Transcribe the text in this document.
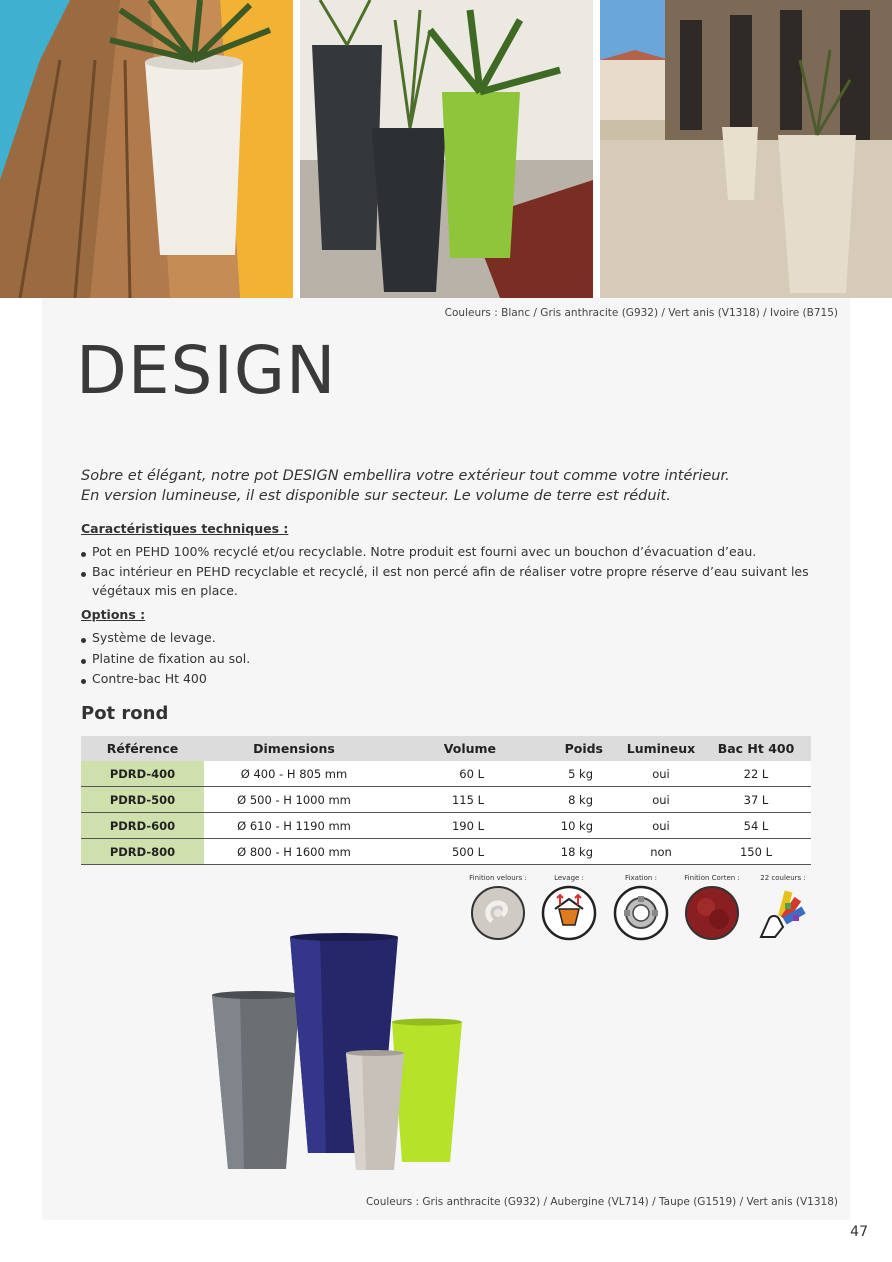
Couleurs : Blanc / Gris anthracite (G932) / Vert anis (V1318) / Ivoire (B715)
DESIGN
Sobre et élégant, notre pot DESIGN embellira votre extérieur tout comme votre intérieur.
En version lumineuse, il est disponible sur secteur. Le volume de terre est réduit.
Caractéristiques techniques :
Pot en PEHD 100% recyclé et/ou recyclable. Notre produit est fourni avec un bouchon d’évacuation d’eau.
Bac intérieur en PEHD recyclable et recyclé, il est non percé afin de réaliser votre propre réserve d’eau suivant les végétaux mis en place.
Options :
Système de levage.
Platine de fixation au sol.
Contre-bac Ht 400
Pot rond
Référence	Dimensions	Volume	Poids	Lumineux	Bac Ht 400
PDRD-400	Ø 400 - H 805 mm	60 L	5 kg	oui	22 L
PDRD-500	Ø 500 - H 1000 mm	115 L	8 kg	oui	37 L
PDRD-600	Ø 610 - H 1190 mm	190 L	10 kg	oui	54 L
PDRD-800	Ø 800 - H 1600 mm	500 L	18 kg	non	150 L
Finition velours :	Levage :	Fixation :	Finition Corten :	22 couleurs :
Couleurs : Gris anthracite (G932) / Aubergine (VL714) / Taupe (G1519) / Vert anis (V1318)
47
